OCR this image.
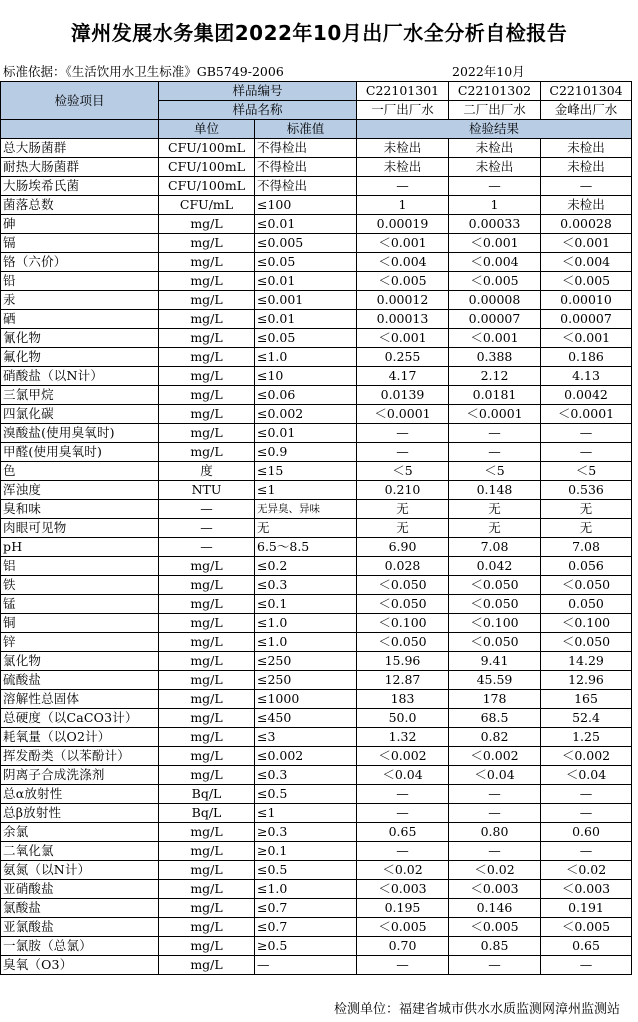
漳州发展水务集团2022年10月出厂水全分析自检报告
标准依据：《生活饮用水卫生标准》GB5749-2006	2022年10月
检验项目	样品编号		C22101301	C22101302	C22101304
	样品名称		一厂出厂水	二厂出厂水	金峰出厂水
	单位	标准值	检验结果		
总大肠菌群	CFU/100mL	不得检出	未检出	未检出	未检出
耐热大肠菌群	CFU/100mL	不得检出	未检出	未检出	未检出
大肠埃希氏菌	CFU/100mL	不得检出	—	—	—
菌落总数	CFU/mL	≤100	1	1	未检出
砷	mg/L	≤0.01	0.00019	0.00033	0.00028
镉	mg/L	≤0.005	＜0.001	＜0.001	＜0.001
铬（六价）	mg/L	≤0.05	＜0.004	＜0.004	＜0.004
铅	mg/L	≤0.01	＜0.005	＜0.005	＜0.005
汞	mg/L	≤0.001	0.00012	0.00008	0.00010
硒	mg/L	≤0.01	0.00013	0.00007	0.00007
氰化物	mg/L	≤0.05	＜0.001	＜0.001	＜0.001
氟化物	mg/L	≤1.0	0.255	0.388	0.186
硝酸盐（以N计）	mg/L	≤10	4.17	2.12	4.13
三氯甲烷	mg/L	≤0.06	0.0139	0.0181	0.0042
四氯化碳	mg/L	≤0.002	＜0.0001	＜0.0001	＜0.0001
溴酸盐(使用臭氧时)	mg/L	≤0.01	—	—	—
甲醛(使用臭氧时)	mg/L	≤0.9	—	—	—
色	度	≤15	＜5	＜5	＜5
浑浊度	NTU	≤1	0.210	0.148	0.536
臭和味	—	无异臭、异味	无	无	无
肉眼可见物	—	无	无	无	无
pH	—	6.5～8.5	6.90	7.08	7.08
铝	mg/L	≤0.2	0.028	0.042	0.056
铁	mg/L	≤0.3	＜0.050	＜0.050	＜0.050
锰	mg/L	≤0.1	＜0.050	＜0.050	0.050
铜	mg/L	≤1.0	＜0.100	＜0.100	＜0.100
锌	mg/L	≤1.0	＜0.050	＜0.050	＜0.050
氯化物	mg/L	≤250	15.96	9.41	14.29
硫酸盐	mg/L	≤250	12.87	45.59	12.96
溶解性总固体	mg/L	≤1000	183	178	165
总硬度（以CaCO3计）	mg/L	≤450	50.0	68.5	52.4
耗氧量（以O2计）	mg/L	≤3	1.32	0.82	1.25
挥发酚类（以苯酚计）	mg/L	≤0.002	＜0.002	＜0.002	＜0.002
阴离子合成洗涤剂	mg/L	≤0.3	＜0.04	＜0.04	＜0.04
总α放射性	Bq/L	≤0.5	—	—	—
总β放射性	Bq/L	≤1	—	—	—
余氯	mg/L	≥0.3	0.65	0.80	0.60
二氧化氯	mg/L	≥0.1	—	—	—
氨氮（以N计）	mg/L	≤0.5	＜0.02	＜0.02	＜0.02
亚硝酸盐	mg/L	≤1.0	＜0.003	＜0.003	＜0.003
氯酸盐	mg/L	≤0.7	0.195	0.146	0.191
亚氯酸盐	mg/L	≤0.7	＜0.005	＜0.005	＜0.005
一氯胺（总氯）	mg/L	≥0.5	0.70	0.85	0.65
臭氧（O3）	mg/L	—	—	—	—
检测单位：福建省城市供水水质监测网漳州监测站
